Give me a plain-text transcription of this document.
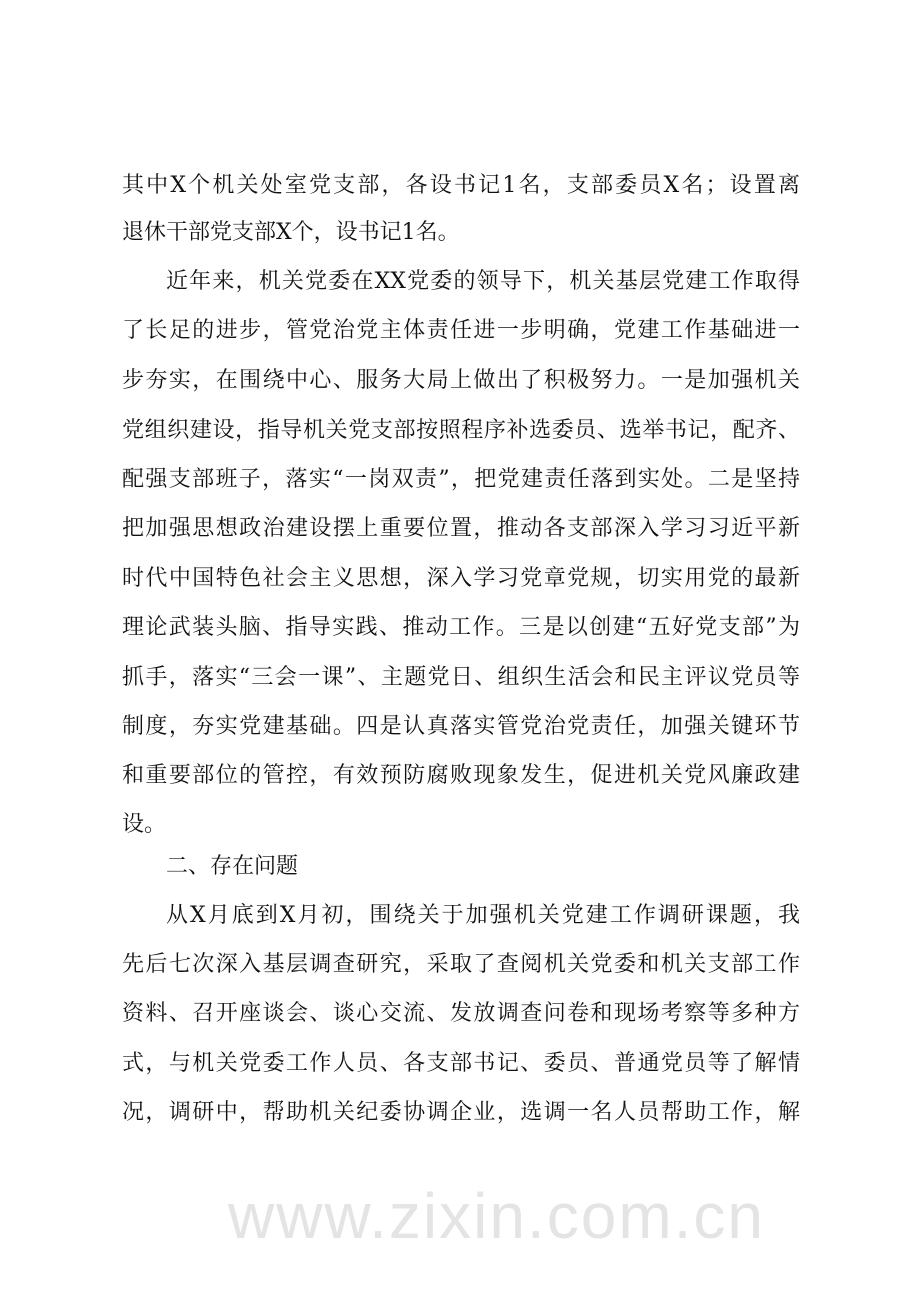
www.zixin.com.cn
其中X个机关处室党支部，各设书记1名，支部委员X名；设置离
退休干部党支部X个，设书记1名。
近年来，机关党委在XX党委的领导下，机关基层党建工作取得
了长足的进步，管党治党主体责任进一步明确，党建工作基础进一
步夯实，在围绕中心、服务大局上做出了积极努力。一是加强机关
党组织建设，指导机关党支部按照程序补选委员、选举书记，配齐、
配强支部班子，落实“一岗双责”，把党建责任落到实处。二是坚持
把加强思想政治建设摆上重要位置，推动各支部深入学习习近平新
时代中国特色社会主义思想，深入学习党章党规，切实用党的最新
理论武装头脑、指导实践、推动工作。三是以创建“五好党支部”为
抓手，落实“三会一课”、主题党日、组织生活会和民主评议党员等
制度，夯实党建基础。四是认真落实管党治党责任，加强关键环节
和重要部位的管控，有效预防腐败现象发生，促进机关党风廉政建
设。
二、存在问题
从X月底到X月初，围绕关于加强机关党建工作调研课题，我
先后七次深入基层调查研究，采取了查阅机关党委和机关支部工作
资料、召开座谈会、谈心交流、发放调查问卷和现场考察等多种方
式，与机关党委工作人员、各支部书记、委员、普通党员等了解情
况，调研中，帮助机关纪委协调企业，选调一名人员帮助工作，解
